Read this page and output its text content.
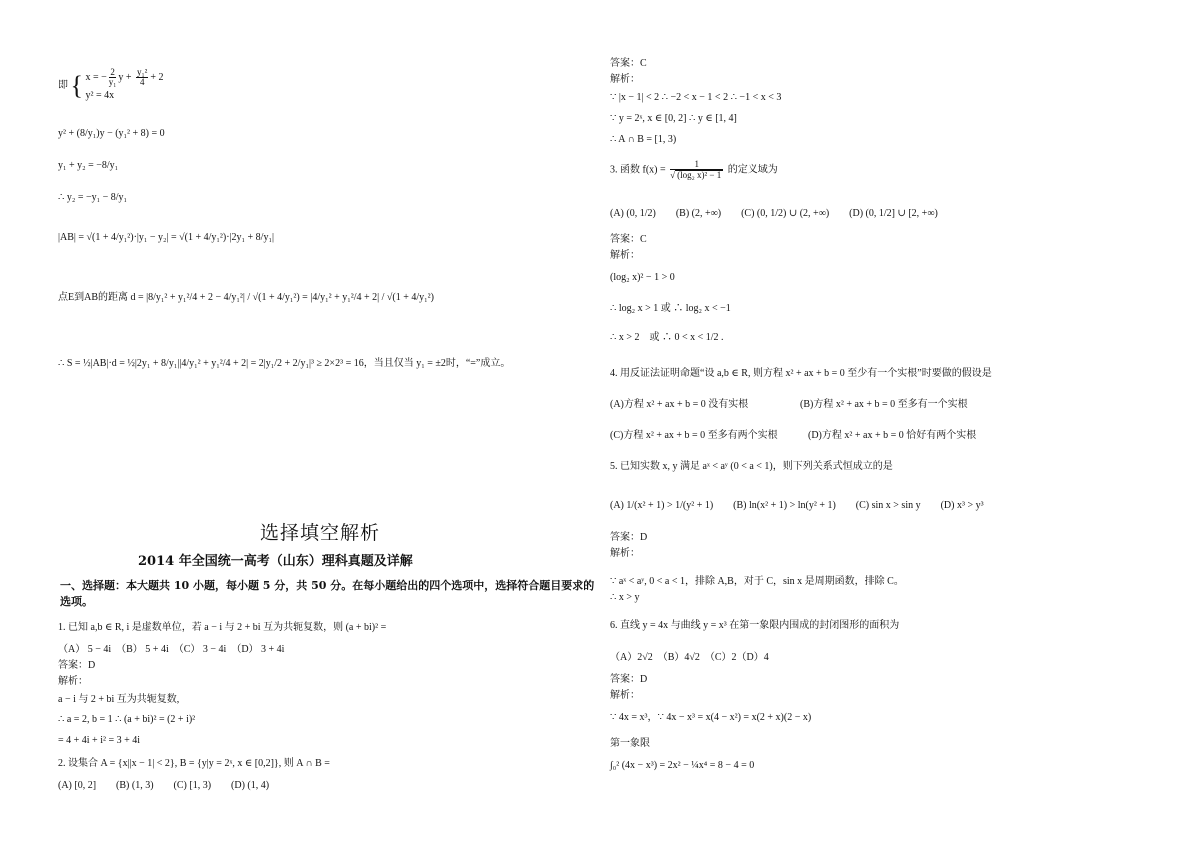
即 { x = − $\frac{2}{\text{y₁}}$ $y + \frac{\text{y₁²}}{4} + 2$
y² = 4x
y² + (8/y₁)y − (y₁² + 8) = 0
y₁ + y₂ = −8/y₁
∴ y₂ = −y₁ − 8/y₁
|AB| = √(1 + 4/y₁²)·|y₁ − y₂| = √(1 + 4/y₁²)·|2y₁ + 8/y₁|
点E到AB的距离 d = |8/y₁² + y₁²/4 + 2 − 4/y₁²| / √(1 + 4/y₁²) = |4/y₁² + y₁²/4 + 2| / √(1 + 4/y₁²)
∴ S = ½|AB|·d = ½|2y₁ + 8/y₁||4/y₁² + y₁²/4 + 2| = 2|y₁/2 + 2/y₁|³ ≥ 2×2³ = 16，当且仅当 y₁ = ±2时，“=”成立。
选择填空解析
2014 年全国统一高考（山东）理科真题及详解
一、选择题：本大题共 10 小题，每小题 5 分，共 50 分。在每小题给出的四个选项中，选择符合题目要求的选项。
1. 已知 a,b ∈ R, i 是虚数单位，若 a − i 与 2 + bi 互为共轭复数，则 (a + bi)² =
（A） 5 − 4i　（B） 5 + 4i　（C） 3 − 4i　（D） 3 + 4i
答案：D
解析：
a − i 与 2 + bi 互为共轭复数,
∴ a = 2, b = 1 ∴ (a + bi)² = (2 + i)²
= 4 + 4i + i² = 3 + 4i
2. 设集合 A = {x||x − 1| < 2}, B = {y|y = 2ˣ, x ∈ [0,2]}, 则 A ∩ B =
(A) [0, 2]　　(B) (1, 3)　　(C) [1, 3)　　(D) (1, 4)
答案：C
解析：
∵ |x − 1| < 2 ∴ −2 < x − 1 < 2 ∴ −1 < x < 3
∵ y = 2ˣ, x ∈ [0, 2] ∴ y ∈ [1, 4]
∴ A ∩ B = [1, 3)
3. 函数 $f(x) = \frac{1}{\text{√ (log₂ x)² − 1}}$ 的定义域为
(A) (0, 1/2)　　(B) (2, +∞)　　(C) (0, 1/2) ∪ (2, +∞)　　(D) (0, 1/2] ∪ [2, +∞)
答案：C
解析：
(log₂ x)² − 1 > 0
∴ log₂ x > 1 或 ∴ log₂ x < −1
∴ x > 2　或 ∴ 0 < x < 1/2 .
4. 用反证法证明命题“设 a,b ∈ R, 则方程 x² + ax + b = 0 至少有一个实根”时要做的假设是
(A)方程 x² + ax + b = 0 没有实根	(B)方程 x² + ax + b = 0 至多有一个实根
(C)方程 x² + ax + b = 0 至多有两个实根	(D)方程 x² + ax + b = 0 恰好有两个实根
5. 已知实数 x, y 满足 aˣ < aʸ (0 < a < 1)，则下列关系式恒成立的是
(A) 1/(x² + 1) > 1/(y² + 1)　　(B) ln(x² + 1) > ln(y² + 1)　　(C) sin x > sin y　　(D) x³ > y³
答案：D
解析：
∵ aˣ < aʸ, 0 < a < 1，排除 A,B，对于 C，sin x 是周期函数，排除 C。
∴ x > y
6. 直线 y = 4x 与曲线 y = x³ 在第一象限内围成的封闭图形的面积为
（A）2√2　（B）4√2　（C）2（D）4
答案：D
解析：
∵ 4x = x³，∵ 4x − x³ = x(4 − x²) = x(2 + x)(2 − x)
第一象限
∫₀² (4x − x³) = 2x² − ¼x⁴ = 8 − 4 = 0
